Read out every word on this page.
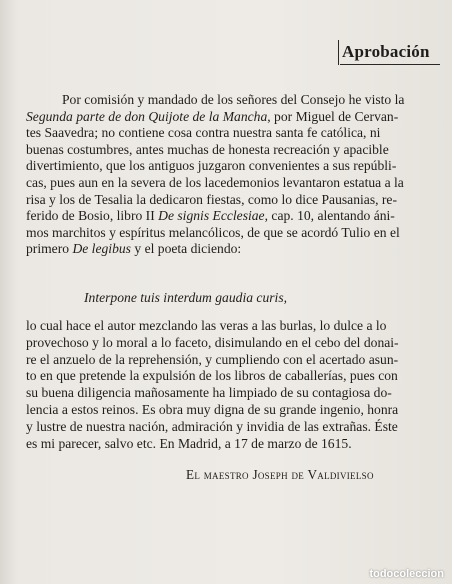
Aprobación
Por comisión y mandado de los señores del Consejo he visto la
Segunda parte de don Quijote de la Mancha, por Miguel de Cervan-
tes Saavedra; no contiene cosa contra nuestra santa fe católica, ni
buenas costumbres, antes muchas de honesta recreación y apacible
divertimiento, que los antiguos juzgaron convenientes a sus repúbli-
cas, pues aun en la severa de los lacedemonios levantaron estatua a la
risa y los de Tesalia la dedicaron fiestas, como lo dice Pausanias, re-
ferido de Bosio, libro II De signis Ecclesiae, cap. 10, alentando áni-
mos marchitos y espíritus melancólicos, de que se acordó Tulio en el
primero De legibus y el poeta diciendo:
Interpone tuis interdum gaudia curis,
lo cual hace el autor mezclando las veras a las burlas, lo dulce a lo
provechoso y lo moral a lo faceto, disimulando en el cebo del donai-
re el anzuelo de la reprehensión, y cumpliendo con el acertado asun-
to en que pretende la expulsión de los libros de caballerías, pues con
su buena diligencia mañosamente ha limpiado de su contagiosa do-
lencia a estos reinos. Es obra muy digna de su grande ingenio, honra
y lustre de nuestra nación, admiración y invidia de las extrañas. Éste
es mi parecer, salvo etc. En Madrid, a 17 de marzo de 1615.
El maestro Joseph de Valdivielso
todocoleccion
